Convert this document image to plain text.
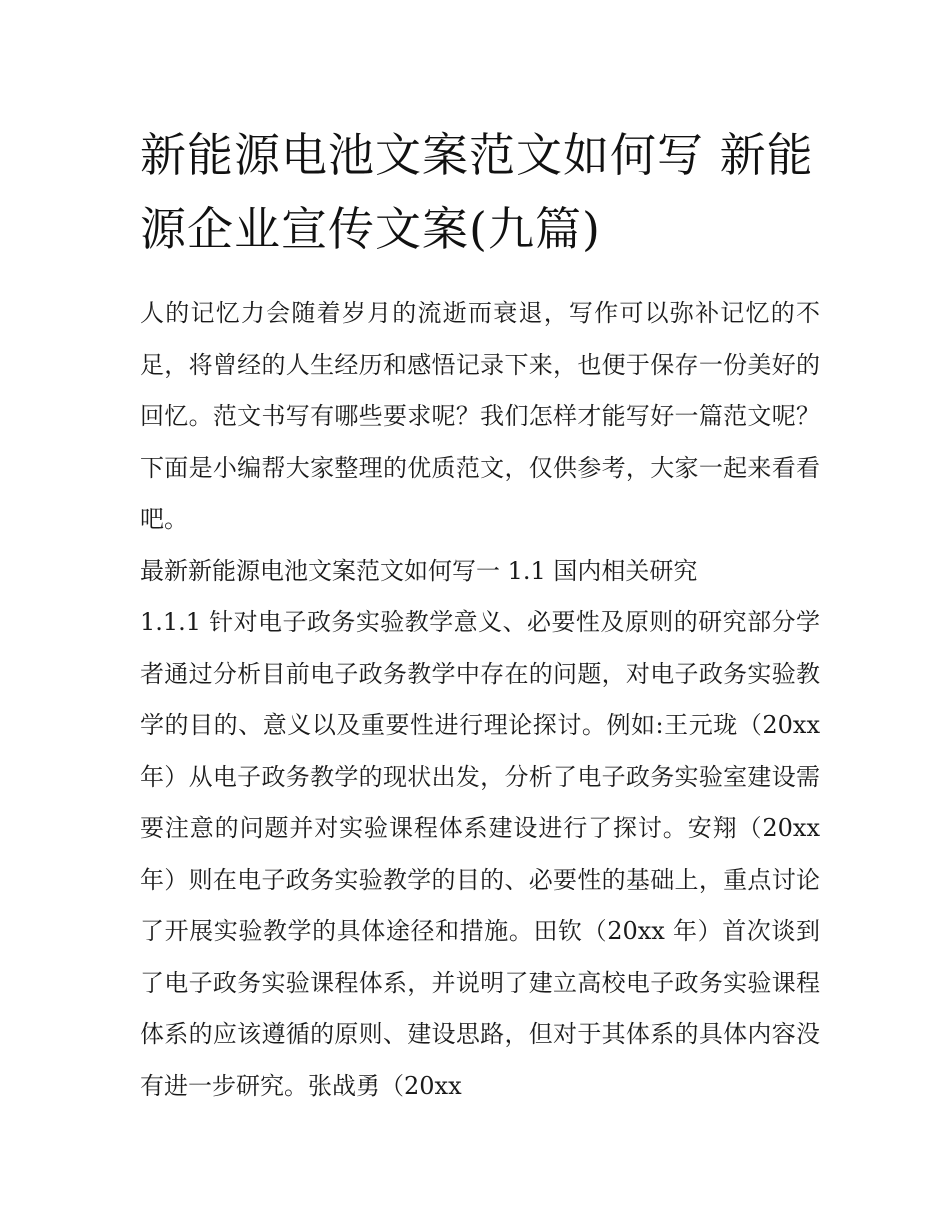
新能源电池文案范文如何写 新能源企业宣传文案(九篇)

人的记忆力会随着岁月的流逝而衰退，写作可以弥补记忆的不足，将曾经的人生经历和感悟记录下来，也便于保存一份美好的回忆。范文书写有哪些要求呢？我们怎样才能写好一篇范文呢？下面是小编帮大家整理的优质范文，仅供参考，大家一起来看看吧。

最新新能源电池文案范文如何写一 1.1 国内相关研究

1.1.1 针对电子政务实验教学意义、必要性及原则的研究部分学者通过分析目前电子政务教学中存在的问题，对电子政务实验教学的目的、意义以及重要性进行理论探讨。例如:王元珑（20xx 年）从电子政务教学的现状出发，分析了电子政务实验室建设需要注意的问题并对实验课程体系建设进行了探讨。安翔（20xx 年）则在电子政务实验教学的目的、必要性的基础上，重点讨论了开展实验教学的具体途径和措施。田钦（20xx 年）首次谈到了电子政务实验课程体系，并说明了建立高校电子政务实验课程体系的应该遵循的原则、建设思路，但对于其体系的具体内容没有进一步研究。张战勇（20xx
